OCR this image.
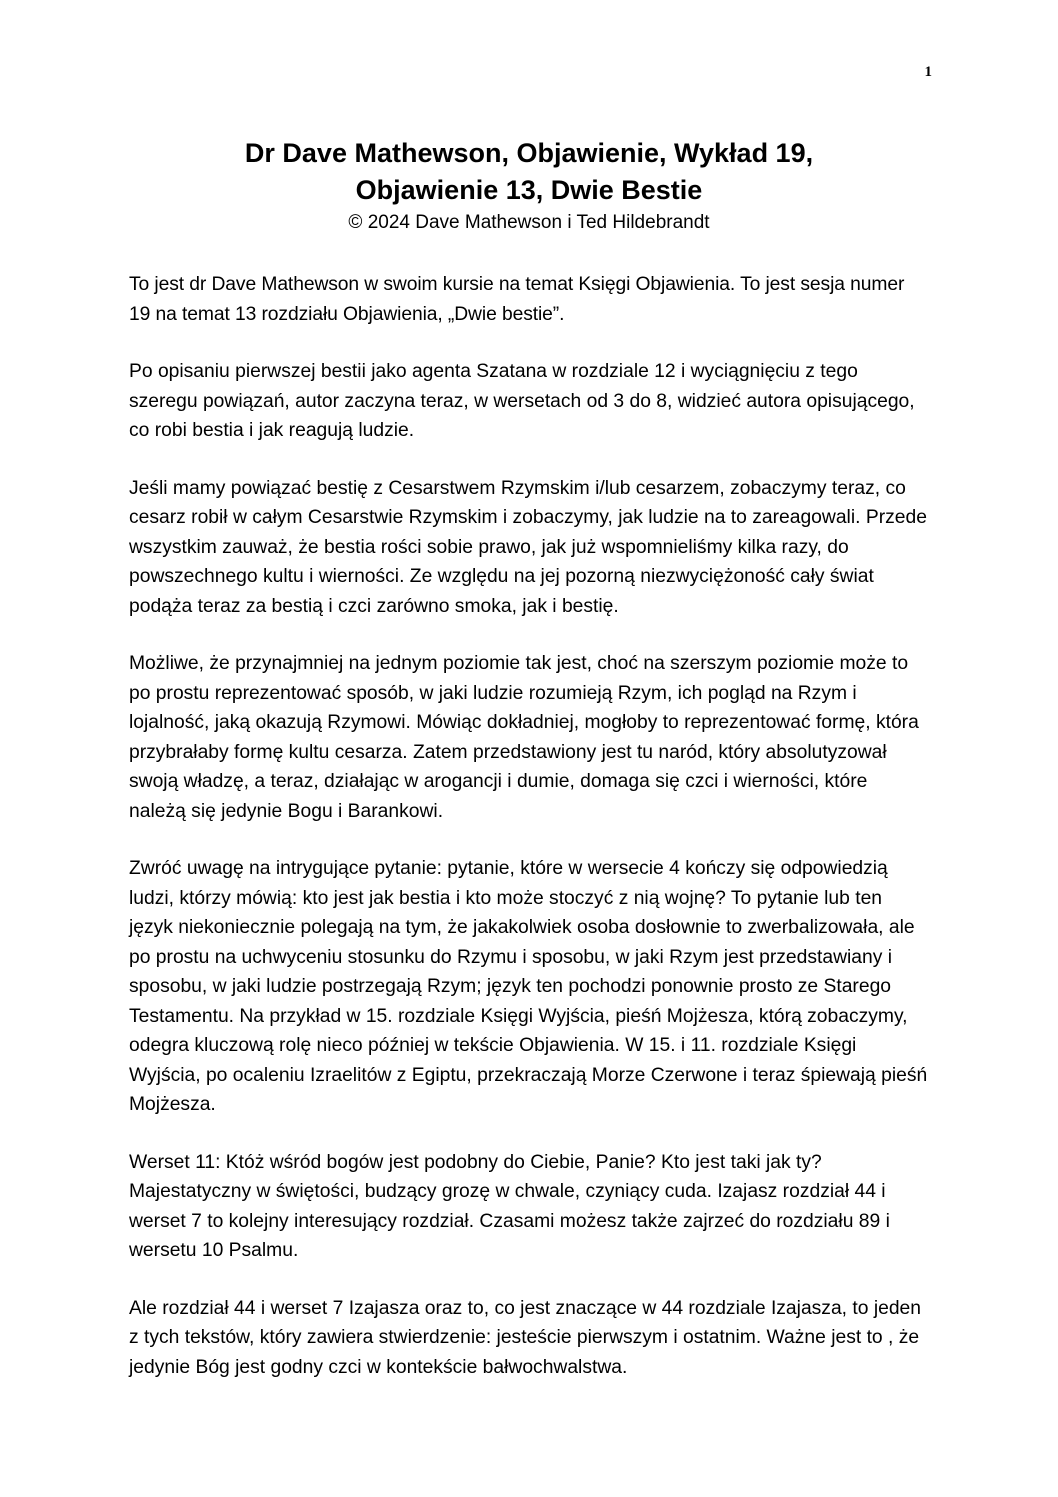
1
Dr Dave Mathewson, Objawienie, Wykład 19,
Objawienie 13, Dwie Bestie
© 2024 Dave Mathewson i Ted Hildebrandt

To jest dr Dave Mathewson w swoim kursie na temat Księgi Objawienia. To jest sesja numer 19 na temat 13 rozdziału Objawienia, „Dwie bestie”.

Po opisaniu pierwszej bestii jako agenta Szatana w rozdziale 12 i wyciągnięciu z tego szeregu powiązań, autor zaczyna teraz, w wersetach od 3 do 8, widzieć autora opisującego, co robi bestia i jak reagują ludzie.

Jeśli mamy powiązać bestię z Cesarstwem Rzymskim i/lub cesarzem, zobaczymy teraz, co cesarz robił w całym Cesarstwie Rzymskim i zobaczymy, jak ludzie na to zareagowali. Przede wszystkim zauważ, że bestia rości sobie prawo, jak już wspomnieliśmy kilka razy, do powszechnego kultu i wierności. Ze względu na jej pozorną niezwyciężoność cały świat podąża teraz za bestią i czci zarówno smoka, jak i bestię.

Możliwe, że przynajmniej na jednym poziomie tak jest, choć na szerszym poziomie może to po prostu reprezentować sposób, w jaki ludzie rozumieją Rzym, ich pogląd na Rzym i lojalność, jaką okazują Rzymowi. Mówiąc dokładniej, mogłoby to reprezentować formę, która przybrałaby formę kultu cesarza. Zatem przedstawiony jest tu naród, który absolutyzował swoją władzę, a teraz, działając w arogancji i dumie, domaga się czci i wierności, które należą się jedynie Bogu i Barankowi.

Zwróć uwagę na intrygujące pytanie: pytanie, które w wersecie 4 kończy się odpowiedzią ludzi, którzy mówią: kto jest jak bestia i kto może stoczyć z nią wojnę? To pytanie lub ten język niekoniecznie polegają na tym, że jakakolwiek osoba dosłownie to zwerbalizowała, ale po prostu na uchwyceniu stosunku do Rzymu i sposobu, w jaki Rzym jest przedstawiany i sposobu, w jaki ludzie postrzegają Rzym; język ten pochodzi ponownie prosto ze Starego Testamentu. Na przykład w 15. rozdziale Księgi Wyjścia, pieśń Mojżesza, którą zobaczymy, odegra kluczową rolę nieco później w tekście Objawienia. W 15. i 11. rozdziale Księgi Wyjścia, po ocaleniu Izraelitów z Egiptu, przekraczają Morze Czerwone i teraz śpiewają pieśń Mojżesza.

Werset 11: Któż wśród bogów jest podobny do Ciebie, Panie? Kto jest taki jak ty? Majestatyczny w świętości, budzący grozę w chwale, czyniący cuda. Izajasz rozdział 44 i werset 7 to kolejny interesujący rozdział. Czasami możesz także zajrzeć do rozdziału 89 i wersetu 10 Psalmu.

Ale rozdział 44 i werset 7 Izajasza oraz to, co jest znaczące w 44 rozdziale Izajasza, to jeden z tych tekstów, który zawiera stwierdzenie: jesteście pierwszym i ostatnim. Ważne jest to , że jedynie Bóg jest godny czci w kontekście bałwochwalstwa.
